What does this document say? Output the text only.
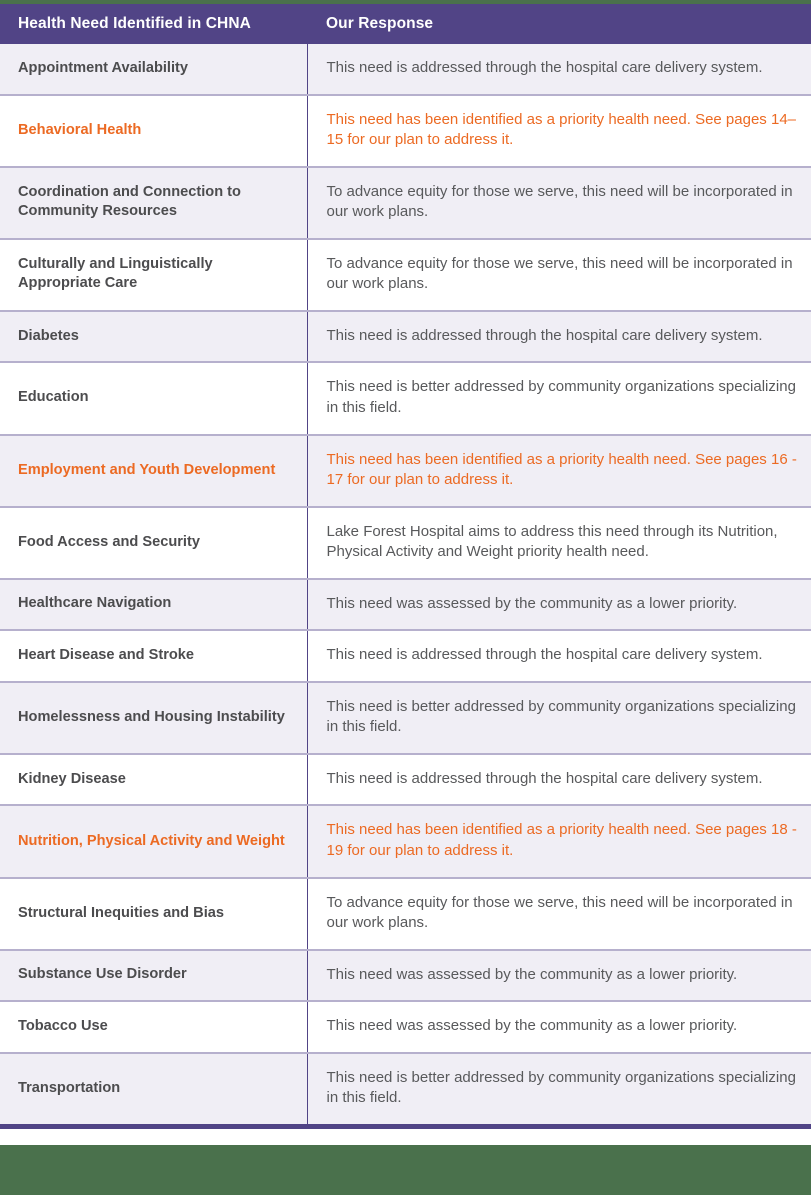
Health Need Identified in CHNA	Our Response
Appointment Availability	This need is addressed through the hospital care delivery system.
Behavioral Health	This need has been identified as a priority health need. See pages 14–15 for our plan to address it.
Coordination and Connection to Community Resources	To advance equity for those we serve, this need will be incorporated in our work plans.
Culturally and Linguistically Appropriate Care	To advance equity for those we serve, this need will be incorporated in our work plans.
Diabetes	This need is addressed through the hospital care delivery system.
Education	This need is better addressed by community organizations specializing in this field.
Employment and Youth Development	This need has been identified as a priority health need. See pages 16 - 17 for our plan to address it.
Food Access and Security	Lake Forest Hospital aims to address this need through its Nutrition, Physical Activity and Weight priority health need.
Healthcare Navigation	This need was assessed by the community as a lower priority.
Heart Disease and Stroke	This need is addressed through the hospital care delivery system.
Homelessness and Housing Instability	This need is better addressed by community organizations specializing in this field.
Kidney Disease	This need is addressed through the hospital care delivery system.
Nutrition, Physical Activity and Weight	This need has been identified as a priority health need. See pages 18 - 19 for our plan to address it.
Structural Inequities and Bias	To advance equity for those we serve, this need will be incorporated in our work plans.
Substance Use Disorder	This need was assessed by the community as a lower priority.
Tobacco Use	This need was assessed by the community as a lower priority.
Transportation	This need is better addressed by community organizations specializing in this field.
